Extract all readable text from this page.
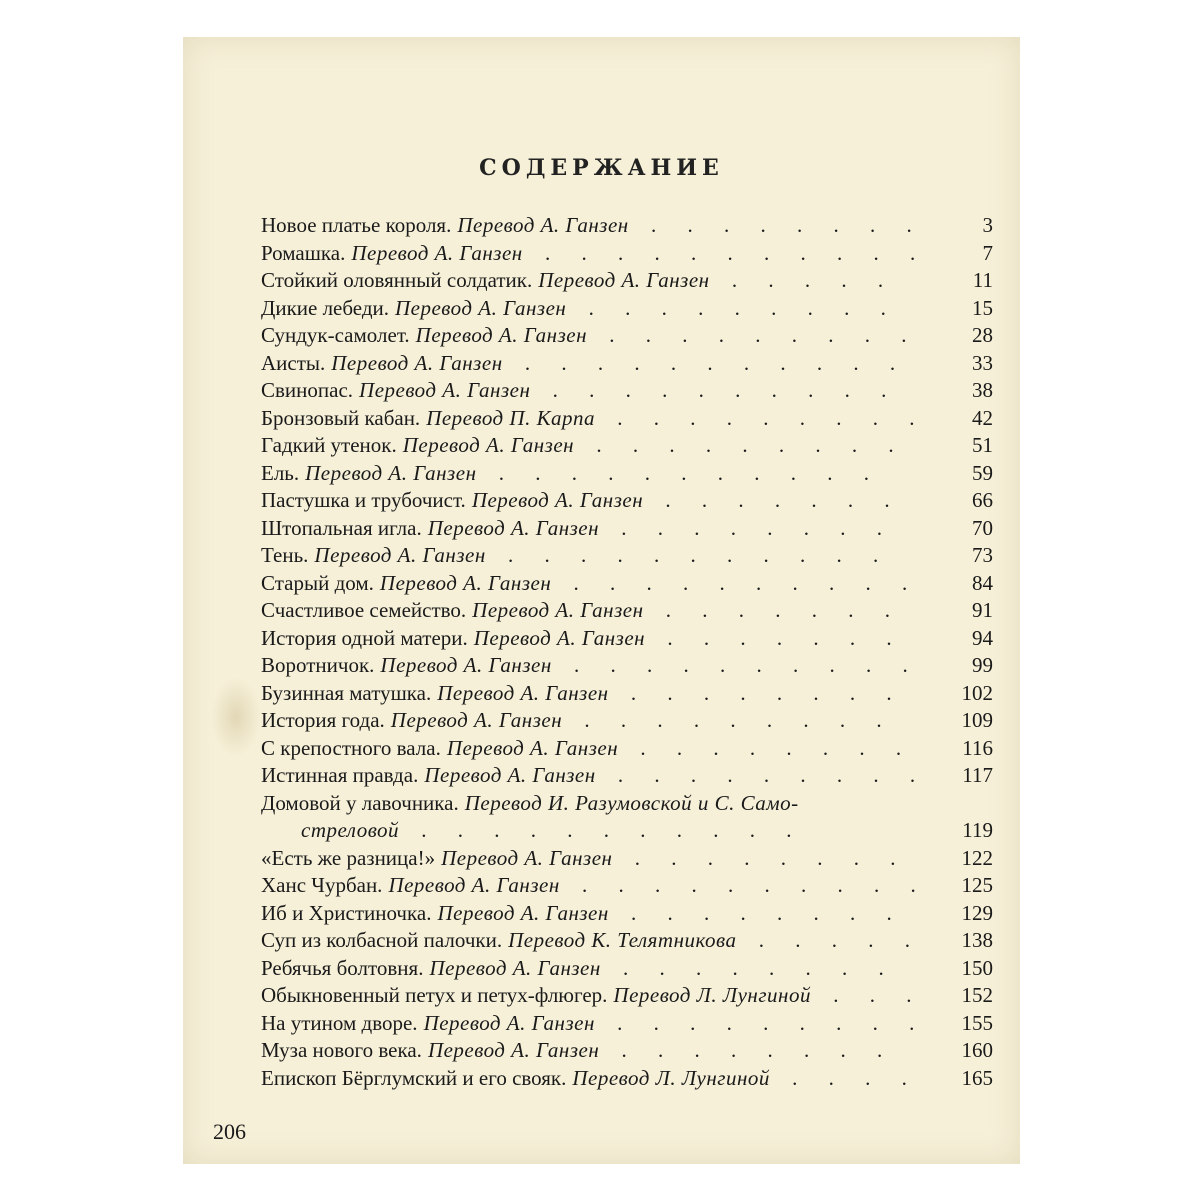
СОДЕРЖАНИЕ
Новое платье короля. Перевод А. Ганзен . . . . . . . .	3
Ромашка. Перевод А. Ганзен . . . . . . . . . . .	7
Стойкий оловянный солдатик. Перевод А. Ганзен . . . . .	11
Дикие лебеди. Перевод А. Ганзен . . . . . . . . .	15
Сундук-самолет. Перевод А. Ганзен . . . . . . . . .	28
Аисты. Перевод А. Ганзен . . . . . . . . . . .	33
Свинопас. Перевод А. Ганзен . . . . . . . . . .	38
Бронзовый кабан. Перевод П. Карпа . . . . . . . . .	42
Гадкий утенок. Перевод А. Ганзен . . . . . . . . .	51
Ель. Перевод А. Ганзен . . . . . . . . . . .	59
Пастушка и трубочист. Перевод А. Ганзен . . . . . . .	66
Штопальная игла. Перевод А. Ганзен . . . . . . . .	70
Тень. Перевод А. Ганзен . . . . . . . . . . .	73
Старый дом. Перевод А. Ганзен . . . . . . . . . .	84
Счастливое семейство. Перевод А. Ганзен . . . . . . .	91
История одной матери. Перевод А. Ганзен . . . . . . .	94
Воротничок. Перевод А. Ганзен . . . . . . . . . .	99
Бузинная матушка. Перевод А. Ганзен . . . . . . . .	102
История года. Перевод А. Ганзен . . . . . . . . .	109
С крепостного вала. Перевод А. Ганзен . . . . . . . .	116
Истинная правда. Перевод А. Ганзен . . . . . . . . .	117
Домовой у лавочника. Перевод И. Разумовской и С. Само-
стреловой . . . . . . . . . . .	119
«Есть же разница!» Перевод А. Ганзен . . . . . . . .	122
Ханс Чурбан. Перевод А. Ганзен . . . . . . . . . .	125
Иб и Христиночка. Перевод А. Ганзен . . . . . . . .	129
Суп из колбасной палочки. Перевод К. Телятникова . . . . .	138
Ребячья болтовня. Перевод А. Ганзен . . . . . . . .	150
Обыкновенный петух и петух-флюгер. Перевод Л. Лунгиной . . .	152
На утином дворе. Перевод А. Ганзен . . . . . . . . .	155
Муза нового века. Перевод А. Ганзен . . . . . . . .	160
Епископ Бёрглумский и его свояк. Перевод Л. Лунгиной . . . .	165
206
